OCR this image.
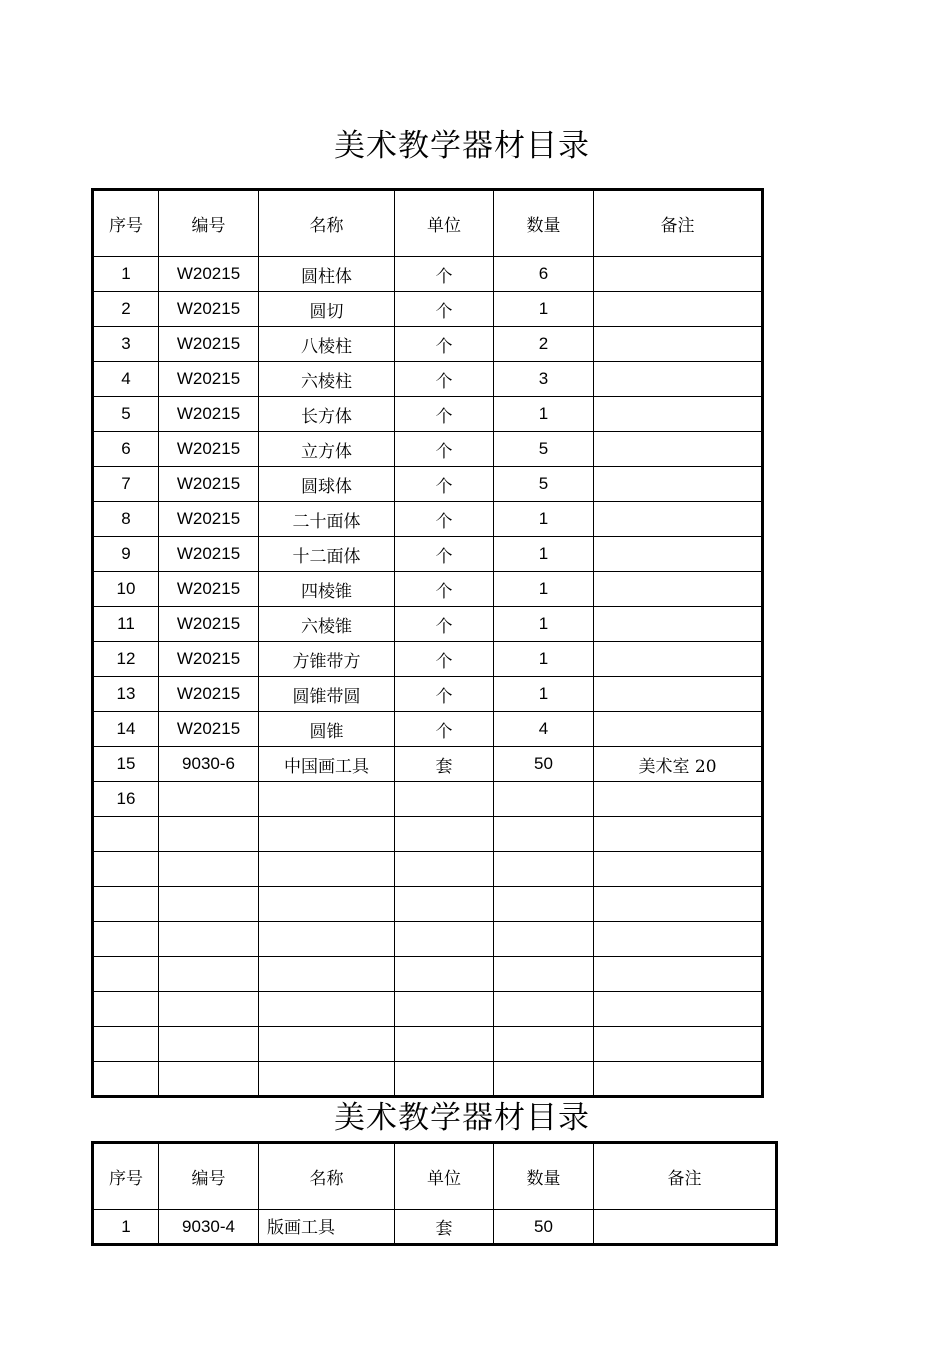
美术教学器材目录
序号	编号	名称	单位	数量	备注
1	W20215	圆柱体	个	6	
2	W20215	圆切	个	1	
3	W20215	八棱柱	个	2	
4	W20215	六棱柱	个	3	
5	W20215	长方体	个	1	
6	W20215	立方体	个	5	
7	W20215	圆球体	个	5	
8	W20215	二十面体	个	1	
9	W20215	十二面体	个	1	
10	W20215	四棱锥	个	1	
11	W20215	六棱锥	个	1	
12	W20215	方锥带方	个	1	
13	W20215	圆锥带圆	个	1	
14	W20215	圆锥	个	4	
15	9030-6	中国画工具	套	50	美术室 20
16					

美术教学器材目录
序号	编号	名称	单位	数量	备注
1	9030-4	版画工具	套	50	
